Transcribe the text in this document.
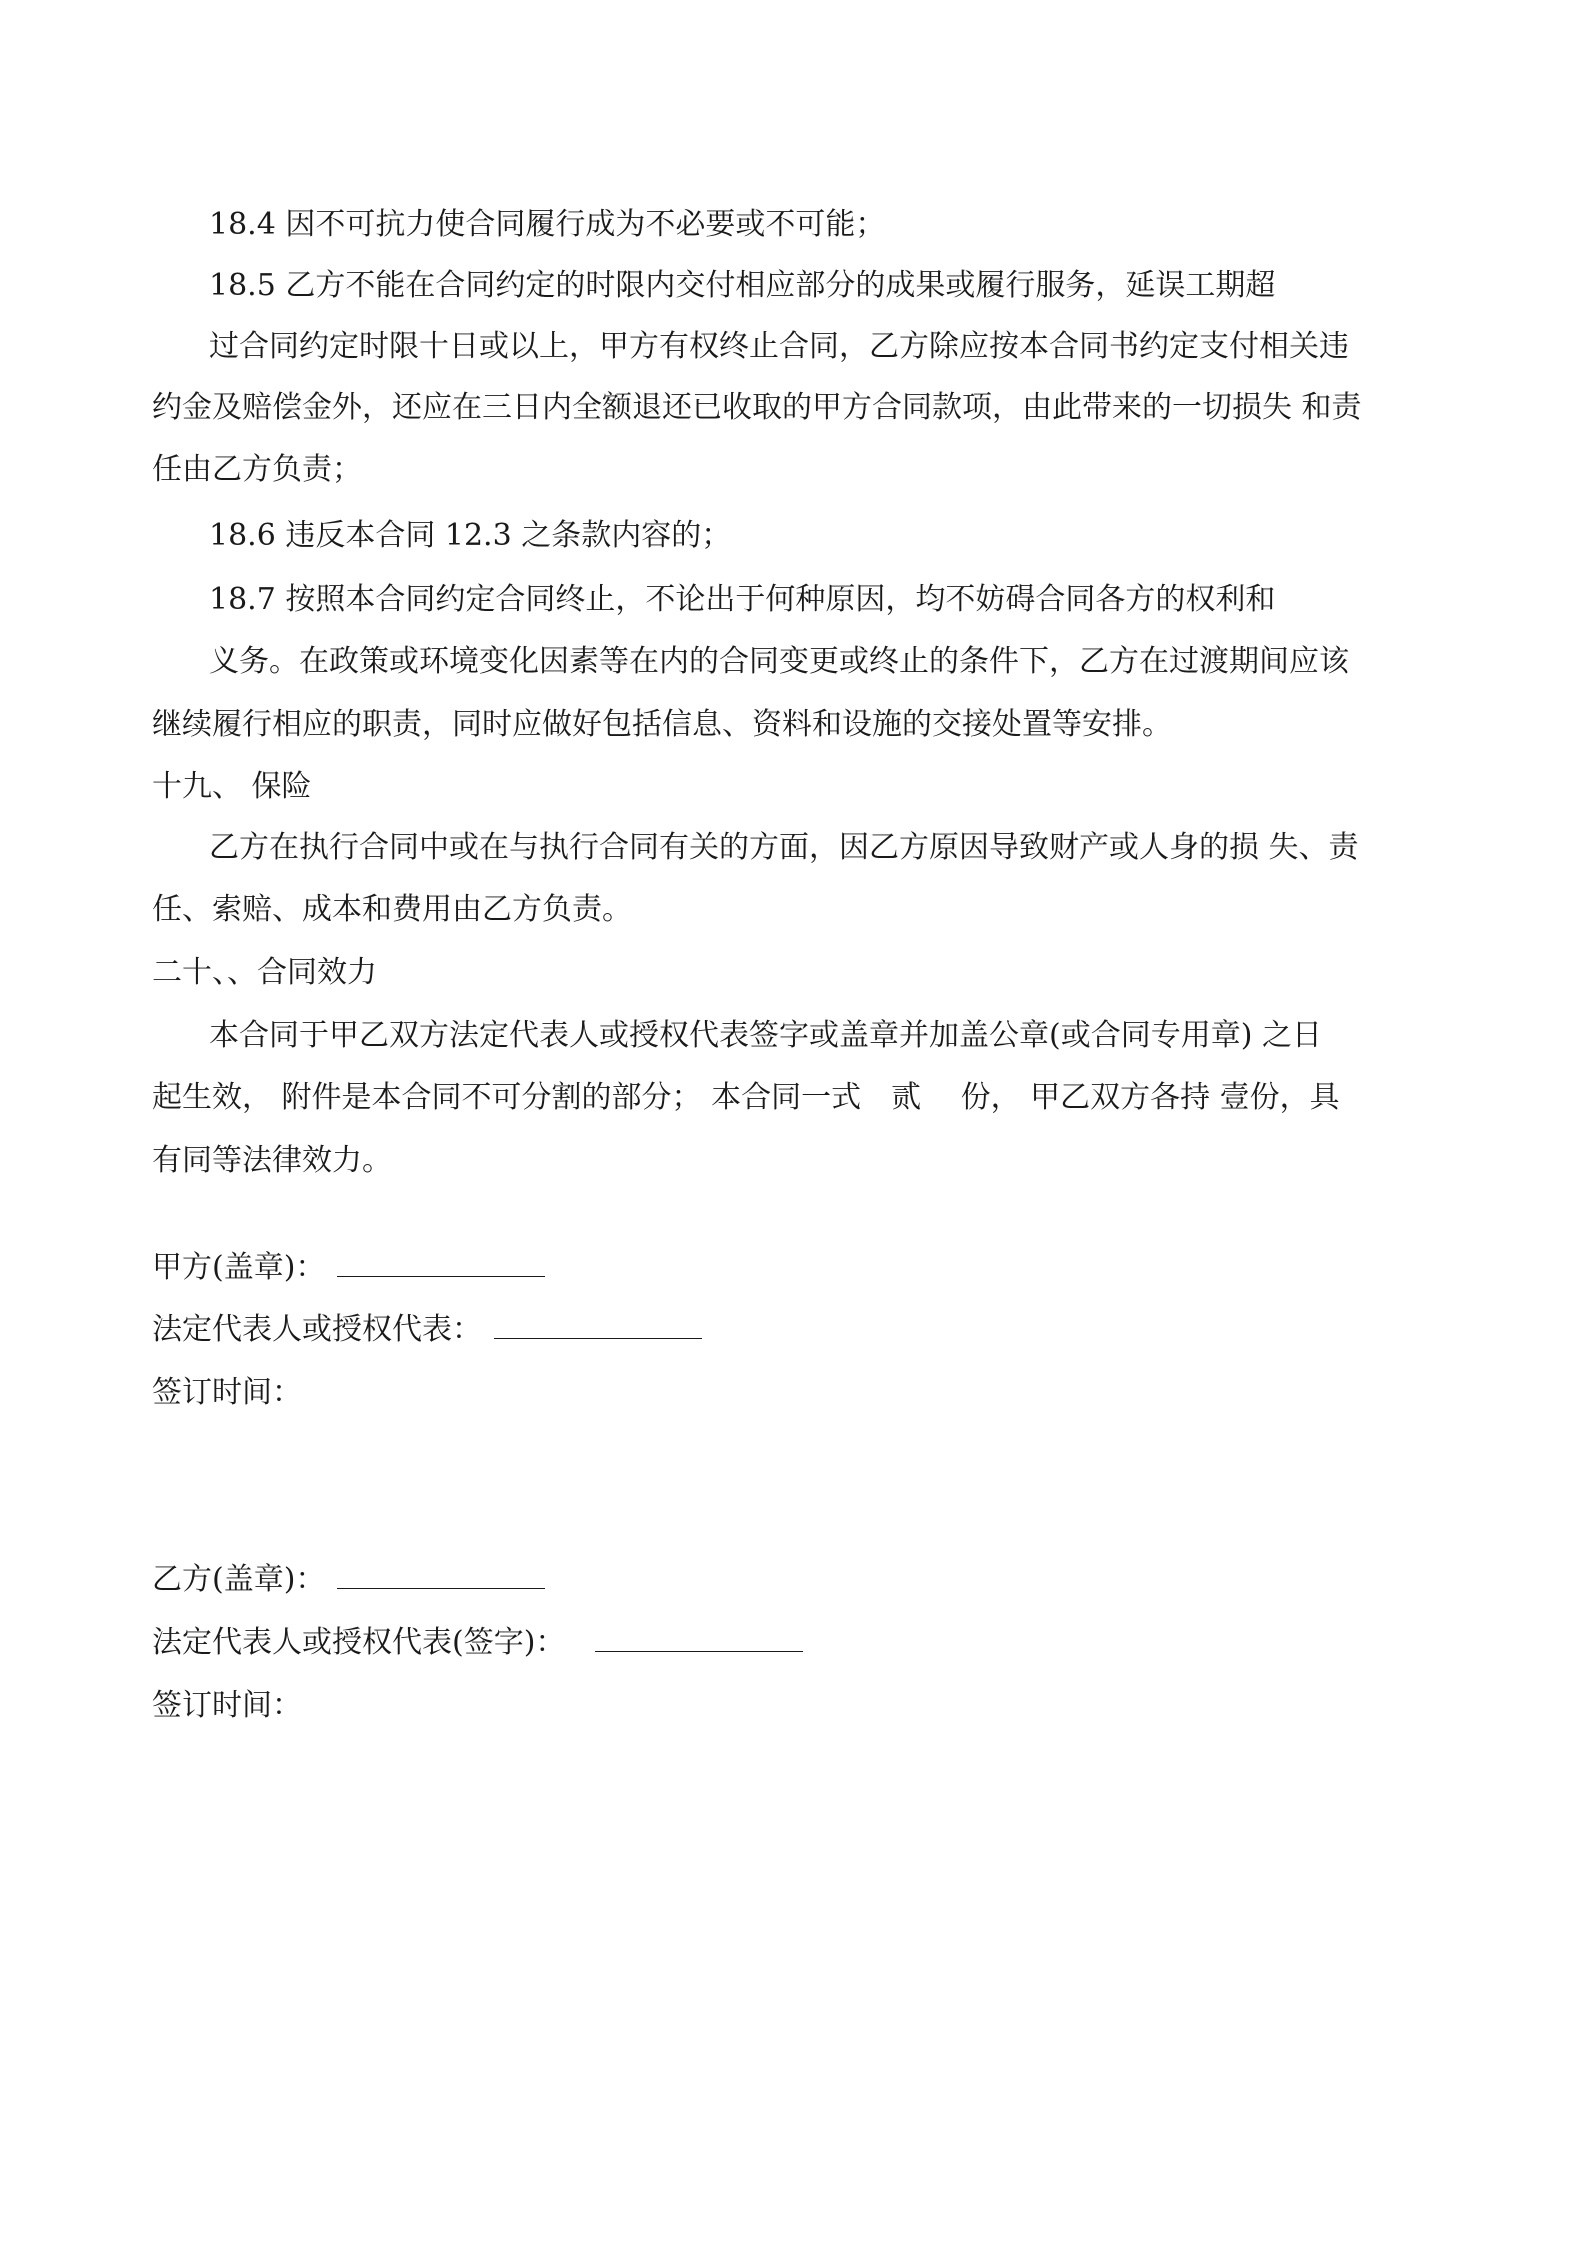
18.4 因不可抗力使合同履行成为不必要或不可能；
18.5 乙方不能在合同约定的时限内交付相应部分的成果或履行服务，延误工期超
过合同约定时限十日或以上，甲方有权终止合同，乙方除应按本合同书约定支付相关违
约金及赔偿金外，还应在三日内全额退还已收取的甲方合同款项，由此带来的一切损失 和责
任由乙方负责；
18.6 违反本合同 12.3 之条款内容的；
18.7 按照本合同约定合同终止，不论出于何种原因，均不妨碍合同各方的权利和
义务。在政策或环境变化因素等在内的合同变更或终止的条件下，乙方在过渡期间应该
继续履行相应的职责，同时应做好包括信息、资料和设施的交接处置等安排。
十九、 保险
乙方在执行合同中或在与执行合同有关的方面，因乙方原因导致财产或人身的损 失、责
任、索赔、成本和费用由乙方负责。
二十、、合同效力
本合同于甲乙双方法定代表人或授权代表签字或盖章并加盖公章(或合同专用章) 之日
起生效， 附件是本合同不可分割的部分； 本合同一式　贰　 份， 甲乙双方各持 壹份，具
有同等法律效力。
甲方(盖章)：
法定代表人或授权代表：
签订时间：
乙方(盖章)：
法定代表人或授权代表(签字)：
签订时间：
